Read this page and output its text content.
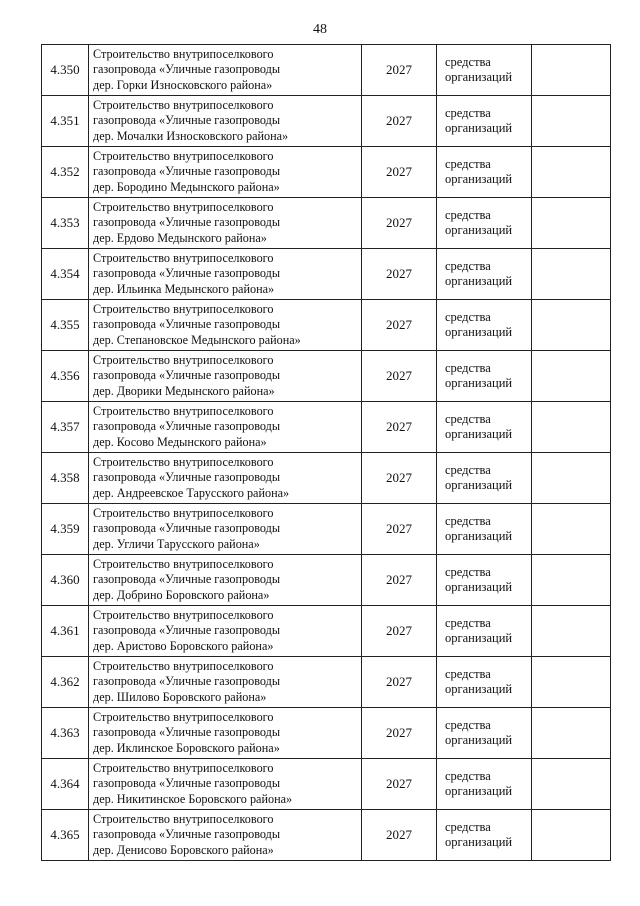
48
4.350	Строительство внутрипоселкового
газопровода «Уличные газопроводы
дер. Горки Износковского района»	2027	средства
организаций	

4.351	Строительство внутрипоселкового
газопровода «Уличные газопроводы
дер. Мочалки Износковского района»	2027	средства
организаций	

4.352	Строительство внутрипоселкового
газопровода «Уличные газопроводы
дер. Бородино Медынского района»	2027	средства
организаций	

4.353	Строительство внутрипоселкового
газопровода «Уличные газопроводы
дер. Ердово Медынского района»	2027	средства
организаций	

4.354	Строительство внутрипоселкового
газопровода «Уличные газопроводы
дер. Ильинка Медынского района»	2027	средства
организаций	

4.355	Строительство внутрипоселкового
газопровода «Уличные газопроводы
дер. Степановское Медынского района»	2027	средства
организаций	

4.356	Строительство внутрипоселкового
газопровода «Уличные газопроводы
дер. Дворики Медынского района»	2027	средства
организаций	

4.357	Строительство внутрипоселкового
газопровода «Уличные газопроводы
дер. Косово Медынского района»	2027	средства
организаций	

4.358	Строительство внутрипоселкового
газопровода «Уличные газопроводы
дер. Андреевское Тарусского района»	2027	средства
организаций	

4.359	Строительство внутрипоселкового
газопровода «Уличные газопроводы
дер. Угличи Тарусского района»	2027	средства
организаций	

4.360	Строительство внутрипоселкового
газопровода «Уличные газопроводы
дер. Добрино Боровского района»	2027	средства
организаций	

4.361	Строительство внутрипоселкового
газопровода «Уличные газопроводы
дер. Аристово Боровского района»	2027	средства
организаций	

4.362	Строительство внутрипоселкового
газопровода «Уличные газопроводы
дер. Шилово Боровского района»	2027	средства
организаций	

4.363	Строительство внутрипоселкового
газопровода «Уличные газопроводы
дер. Иклинское Боровского района»	2027	средства
организаций	

4.364	Строительство внутрипоселкового
газопровода «Уличные газопроводы
дер. Никитинское Боровского района»	2027	средства
организаций	

4.365	Строительство внутрипоселкового
газопровода «Уличные газопроводы
дер. Денисово Боровского района»	2027	средства
организаций	
